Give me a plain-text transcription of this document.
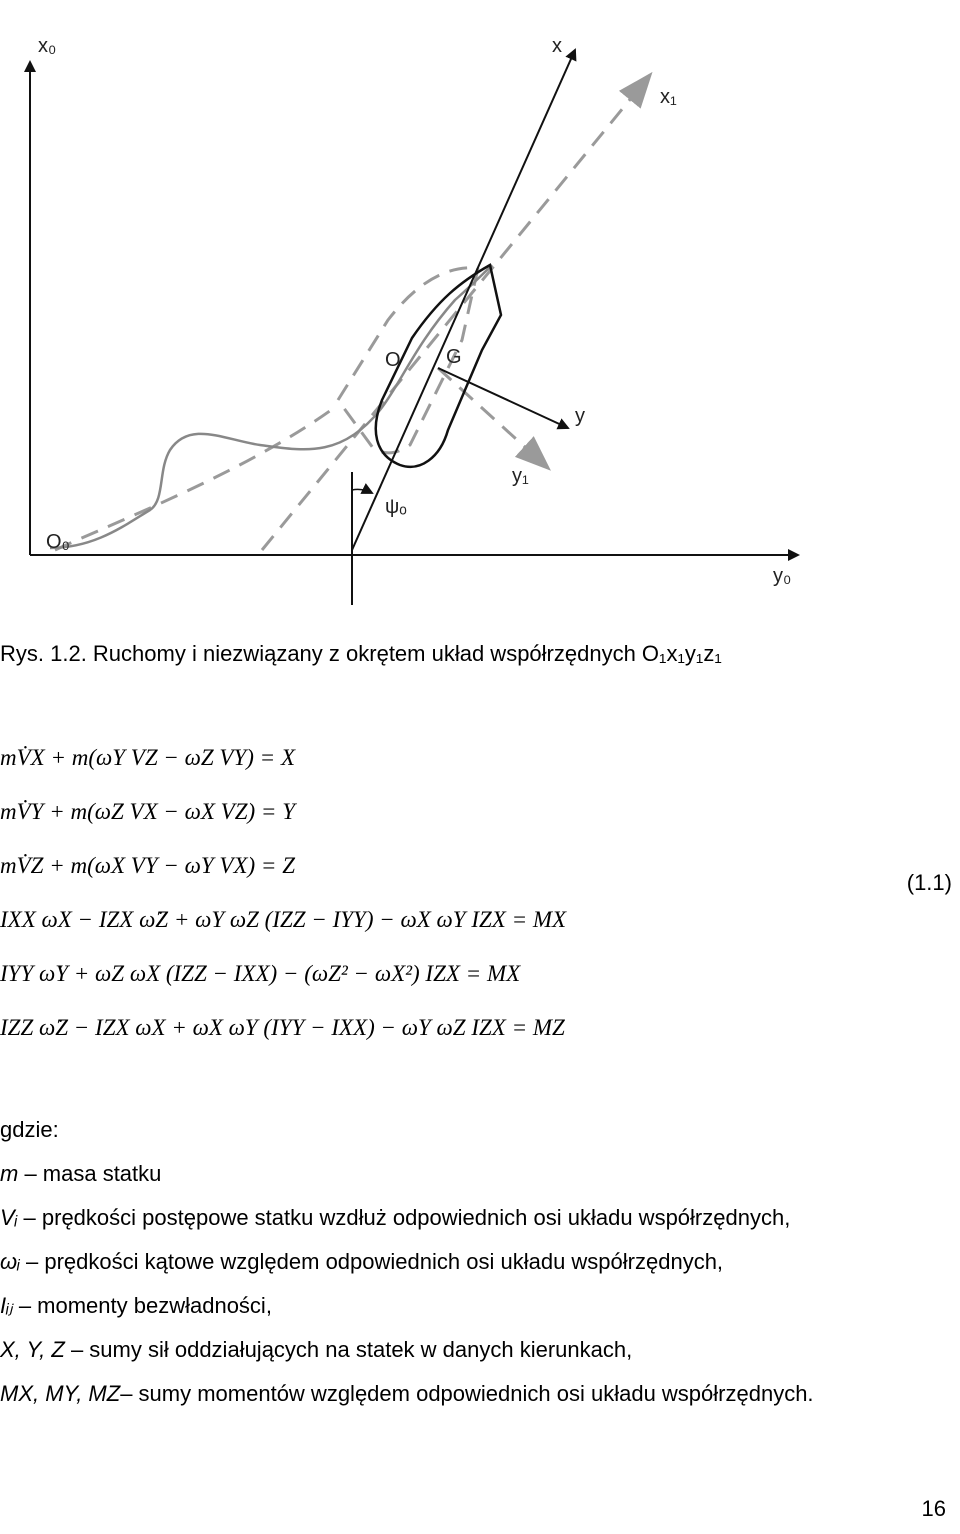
x₀	x
x₁
O G
y
y₁
ψₒ
O₀
y₀
Rys. 1.2. Ruchomy i niezwiązany z okrętem układ współrzędnych O₁x₁y₁z₁
mV̇X + m(ωY VZ − ωZ VY) = X
mV̇Y + m(ωZ VX − ωX VZ) = Y
mV̇Z + m(ωX VY − ωY VX) = Z
IXX ω̇X − IZX ω̇Z + ωY ωZ (IZZ − IYY) − ωX ωY IZX = MX
IYY ω̇Y + ωZ ωX (IZZ − IXX) − (ωZ² − ωX²) IZX = MX
IZZ ω̇Z − IZX ω̇X + ωX ωY (IYY − IXX) − ωY ωZ IZX = MZ
(1.1)
gdzie:
m – masa statku
Vᵢ – prędkości postępowe statku wzdłuż odpowiednich osi układu współrzędnych,
ωᵢ – prędkości kątowe względem odpowiednich osi układu współrzędnych,
Iᵢⱼ – momenty bezwładności,
X, Y, Z – sumy sił oddziałujących na statek w danych kierunkach,
MX, MY, MZ– sumy momentów względem odpowiednich osi układu współrzędnych.
16
